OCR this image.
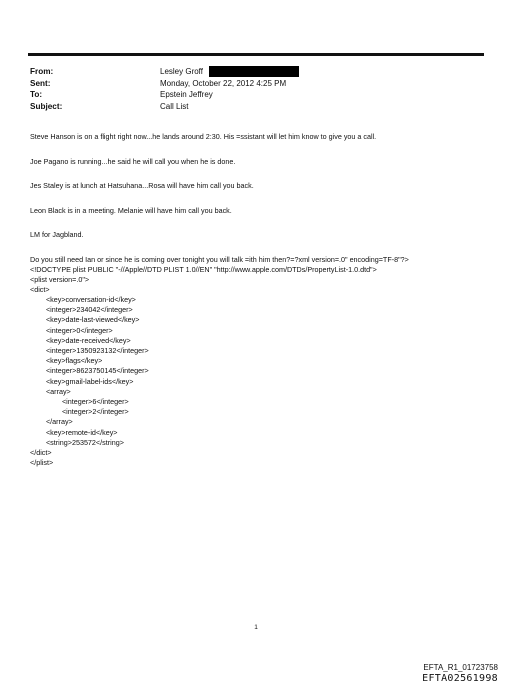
From:	Lesley Groff
Sent:	Monday, October 22, 2012 4:25 PM
To:	Epstein Jeffrey
Subject:	Call List

Steve Hanson is on a flight right now...he lands around 2:30. His =ssistant will let him know to give you a call.

Joe Pagano is running...he said he will call you when he is done.

Jes Staley is at lunch at Hatsuhana...Rosa will have him call you back.

Leon Black is in a meeting. Melanie will have him call you back.

LM for Jagbland.

Do you still need Ian or since he is coming over tonight you will talk =ith him then?=?xml version=.0" encoding=TF-8"?>

<!DOCTYPE plist PUBLIC "-//Apple//DTD PLIST 1.0//EN" "http://www.apple.com/DTDs/PropertyList-1.0.dtd">
<plist version=.0">
<dict>
<key>conversation-id</key>
<integer>234042</integer>
<key>date-last-viewed</key>
<integer>0</integer>
<key>date-received</key>
<integer>1350923132</integer>
<key>flags</key>
<integer>8623750145</integer>
<key>gmail-label-ids</key>
<array>
<integer>6</integer>
<integer>2</integer>
</array>
<key>remote-id</key>
<string>253572</string>
</dict>
</plist>
1
EFTA_R1_01723758
EFTA02561998
